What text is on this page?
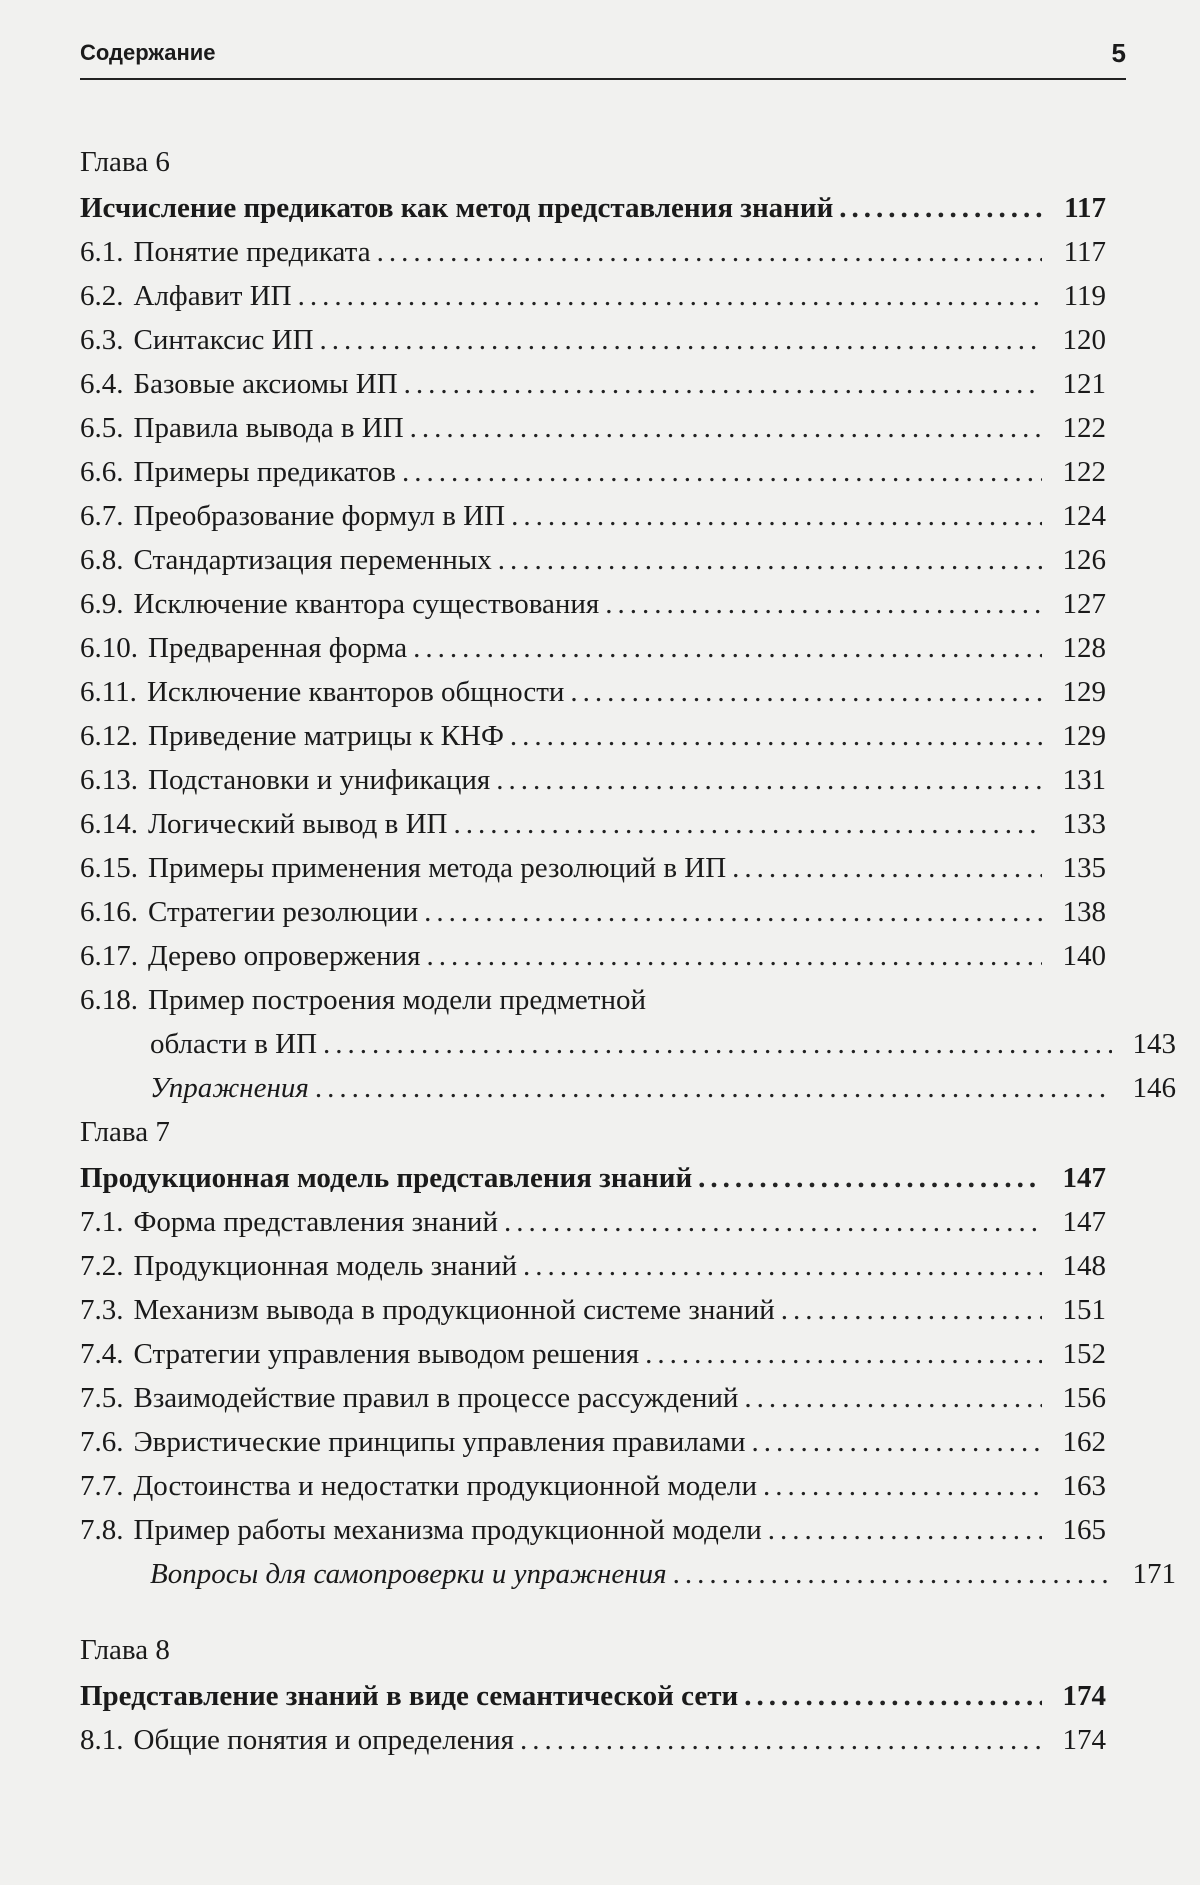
Содержание	5
Глава 6
Исчисление предикатов как метод представления знаний .....	117
6.1. Понятие предиката .....	117
6.2. Алфавит ИП .....	119
6.3. Синтаксис ИП .....	120
6.4. Базовые аксиомы ИП .....	121
6.5. Правила вывода в ИП .....	122
6.6. Примеры предикатов .....	122
6.7. Преобразование формул в ИП .....	124
6.8. Стандартизация переменных .....	126
6.9. Исключение квантора существования .....	127
6.10. Предваренная форма .....	128
6.11. Исключение кванторов общности .....	129
6.12. Приведение матрицы к КНФ .....	129
6.13. Подстановки и унификация .....	131
6.14. Логический вывод в ИП .....	133
6.15. Примеры применения метода резолюций в ИП .....	135
6.16. Стратегии резолюции .....	138
6.17. Дерево опровержения .....	140
6.18. Пример построения модели предметной
области в ИП .....	143
Упражнения .....	146
Глава 7
Продукционная модель представления знаний .....	147
7.1. Форма представления знаний .....	147
7.2. Продукционная модель знаний .....	148
7.3. Механизм вывода в продукционной системе знаний .....	151
7.4. Стратегии управления выводом решения .....	152
7.5. Взаимодействие правил в процессе рассуждений .....	156
7.6. Эвристические принципы управления правилами .....	162
7.7. Достоинства и недостатки продукционной модели .....	163
7.8. Пример работы механизма продукционной модели .....	165
Вопросы для самопроверки и упражнения .....	171
Глава 8
Представление знаний в виде семантической сети .....	174
8.1. Общие понятия и определения .....	174
